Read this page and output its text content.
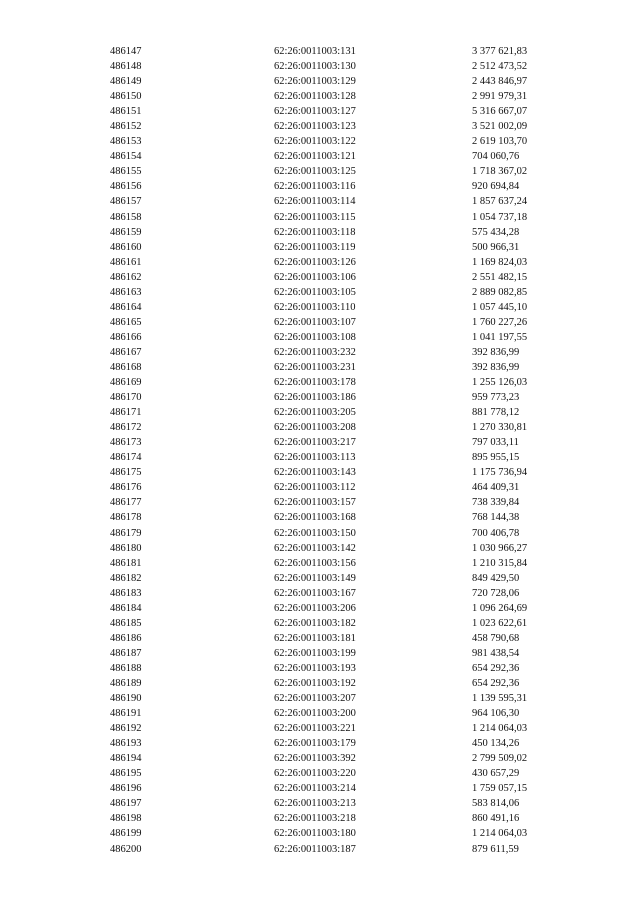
486147	62:26:0011003:131	3 377 621,83
486148	62:26:0011003:130	2 512 473,52
486149	62:26:0011003:129	2 443 846,97
486150	62:26:0011003:128	2 991 979,31
486151	62:26:0011003:127	5 316 667,07
486152	62:26:0011003:123	3 521 002,09
486153	62:26:0011003:122	2 619 103,70
486154	62:26:0011003:121	704 060,76
486155	62:26:0011003:125	1 718 367,02
486156	62:26:0011003:116	920 694,84
486157	62:26:0011003:114	1 857 637,24
486158	62:26:0011003:115	1 054 737,18
486159	62:26:0011003:118	575 434,28
486160	62:26:0011003:119	500 966,31
486161	62:26:0011003:126	1 169 824,03
486162	62:26:0011003:106	2 551 482,15
486163	62:26:0011003:105	2 889 082,85
486164	62:26:0011003:110	1 057 445,10
486165	62:26:0011003:107	1 760 227,26
486166	62:26:0011003:108	1 041 197,55
486167	62:26:0011003:232	392 836,99
486168	62:26:0011003:231	392 836,99
486169	62:26:0011003:178	1 255 126,03
486170	62:26:0011003:186	959 773,23
486171	62:26:0011003:205	881 778,12
486172	62:26:0011003:208	1 270 330,81
486173	62:26:0011003:217	797 033,11
486174	62:26:0011003:113	895 955,15
486175	62:26:0011003:143	1 175 736,94
486176	62:26:0011003:112	464 409,31
486177	62:26:0011003:157	738 339,84
486178	62:26:0011003:168	768 144,38
486179	62:26:0011003:150	700 406,78
486180	62:26:0011003:142	1 030 966,27
486181	62:26:0011003:156	1 210 315,84
486182	62:26:0011003:149	849 429,50
486183	62:26:0011003:167	720 728,06
486184	62:26:0011003:206	1 096 264,69
486185	62:26:0011003:182	1 023 622,61
486186	62:26:0011003:181	458 790,68
486187	62:26:0011003:199	981 438,54
486188	62:26:0011003:193	654 292,36
486189	62:26:0011003:192	654 292,36
486190	62:26:0011003:207	1 139 595,31
486191	62:26:0011003:200	964 106,30
486192	62:26:0011003:221	1 214 064,03
486193	62:26:0011003:179	450 134,26
486194	62:26:0011003:392	2 799 509,02
486195	62:26:0011003:220	430 657,29
486196	62:26:0011003:214	1 759 057,15
486197	62:26:0011003:213	583 814,06
486198	62:26:0011003:218	860 491,16
486199	62:26:0011003:180	1 214 064,03
486200	62:26:0011003:187	879 611,59
